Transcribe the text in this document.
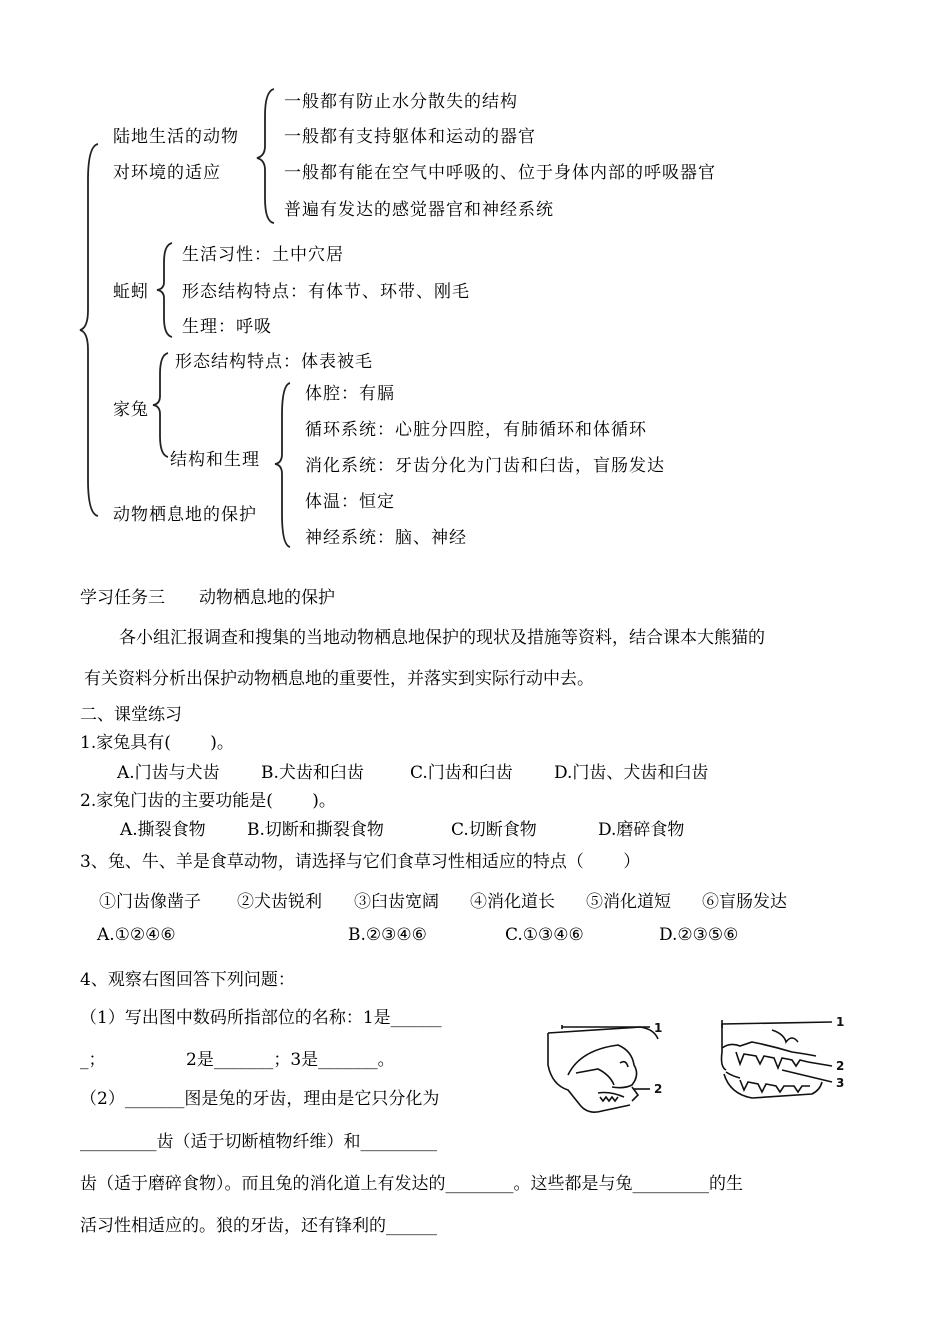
陆地生活的动物
对环境的适应
一般都有防止水分散失的结构
一般都有支持躯体和运动的器官
一般都有能在空气中呼吸的、位于身体内部的呼吸器官
普遍有发达的感觉器官和神经系统
蚯蚓
生活习性：土中穴居
形态结构特点：有体节、环带、刚毛
生理：呼吸
家兔
形态结构特点：体表被毛
结构和生理
体腔：有膈
循环系统：心脏分四腔，有肺循环和体循环
消化系统：牙齿分化为门齿和臼齿，盲肠发达
体温：恒定
神经系统：脑、神经
动物栖息地的保护
学习任务三　　动物栖息地的保护
各小组汇报调查和搜集的当地动物栖息地保护的现状及措施等资料，结合课本大熊猫的
有关资料分析出保护动物栖息地的重要性，并落实到实际行动中去。
二、课堂练习
1.家兔具有(　　 )。
A.门齿与犬齿 B.犬齿和臼齿	C.门齿和臼齿 D.门齿、犬齿和臼齿
2.家兔门齿的主要功能是(　　 )。
A.撕裂食物 B.切断和撕裂食物	C.切断食物	D.磨碎食物
3、兔、牛、羊是食草动物，请选择与它们食草习性相适应的特点（　　 ）
①门齿像凿子 ②犬齿锐利 ③臼齿宽阔 ④消化道长 ⑤消化道短 ⑥盲肠发达
A.①②④⑥	B.②③④⑥	C.①③④⑥	D.②③⑤⑥
4、观察右图回答下列问题：
（1）写出图中数码所指部位的名称：1是______
_；	2是_______；3是_______。
（2）_______图是兔的牙齿，理由是它只分化为
_________齿（适于切断植物纤维）和_________
齿（适于磨碎食物）。而且兔的消化道上有发达的________。这些都是与兔_________的生
活习性相适应的。狼的牙齿，还有锋利的______
1
2
1
2
3
